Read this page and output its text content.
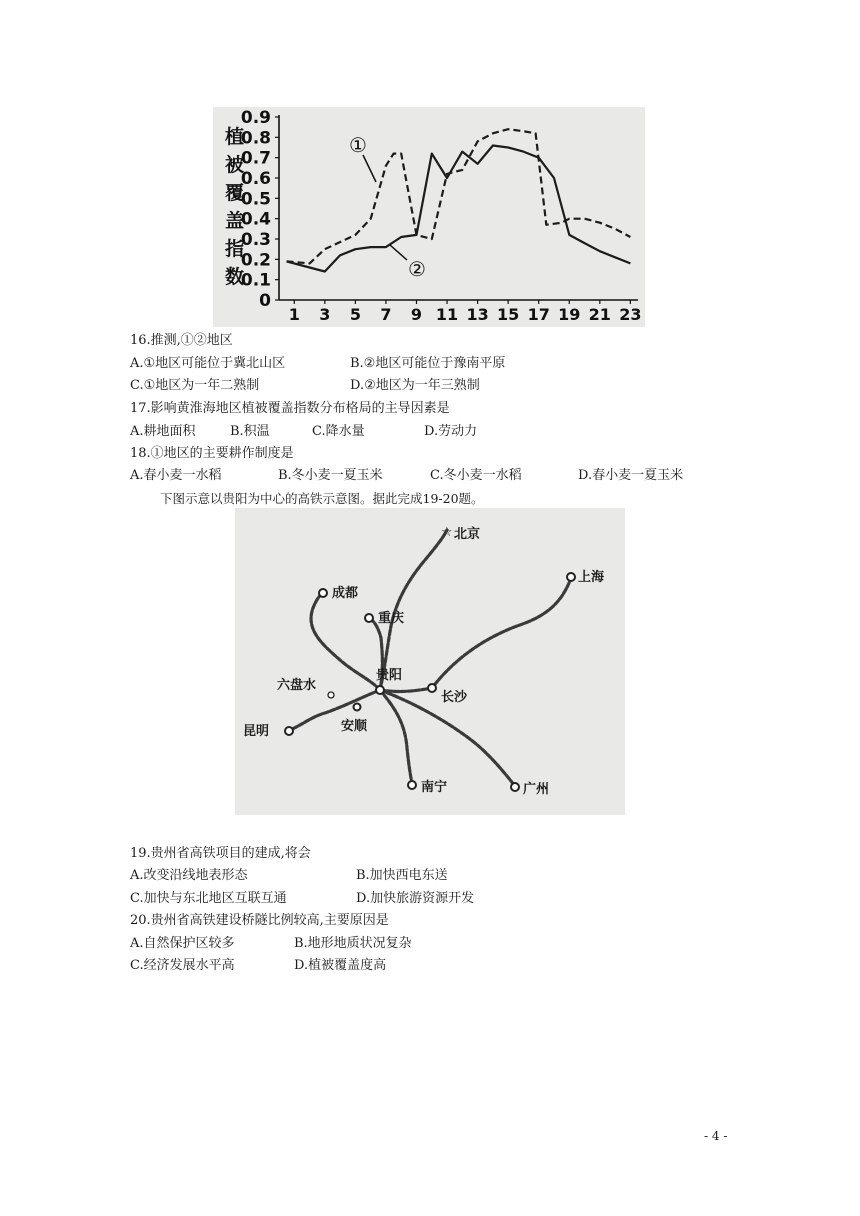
植
被
覆
盖
指
数
0
0.1
0.2
0.3
0.4
0.5
0.6
0.7
0.8
0.9
1 3 5 7 9 11 13 15 17 19 21 23
①
②
16.推测,①②地区
A.①地区可能位于冀北山区	B.②地区可能位于豫南平原
C.①地区为一年二熟制	D.②地区为一年三熟制
17.影响黄淮海地区植被覆盖指数分布格局的主导因素是
A.耕地面积	B.积温	C.降水量	D.劳动力
18.①地区的主要耕作制度是
A.春小麦一水稻	B.冬小麦一夏玉米	C.冬小麦一水稻	D.春小麦一夏玉米
下图示意以贵阳为中心的高铁示意图。据此完成19-20题。
☆ 北京
上海
成都
重庆
六盘水
贵阳
长沙
安顺
昆明
南宁	广州
19.贵州省高铁项目的建成,将会
A.改变沿线地表形态	B.加快西电东送
C.加快与东北地区互联互通	D.加快旅游资源开发
20.贵州省高铁建设桥隧比例较高,主要原因是
A.自然保护区较多	B.地形地质状况复杂
C.经济发展水平高	D.植被覆盖度高
- 4 -
